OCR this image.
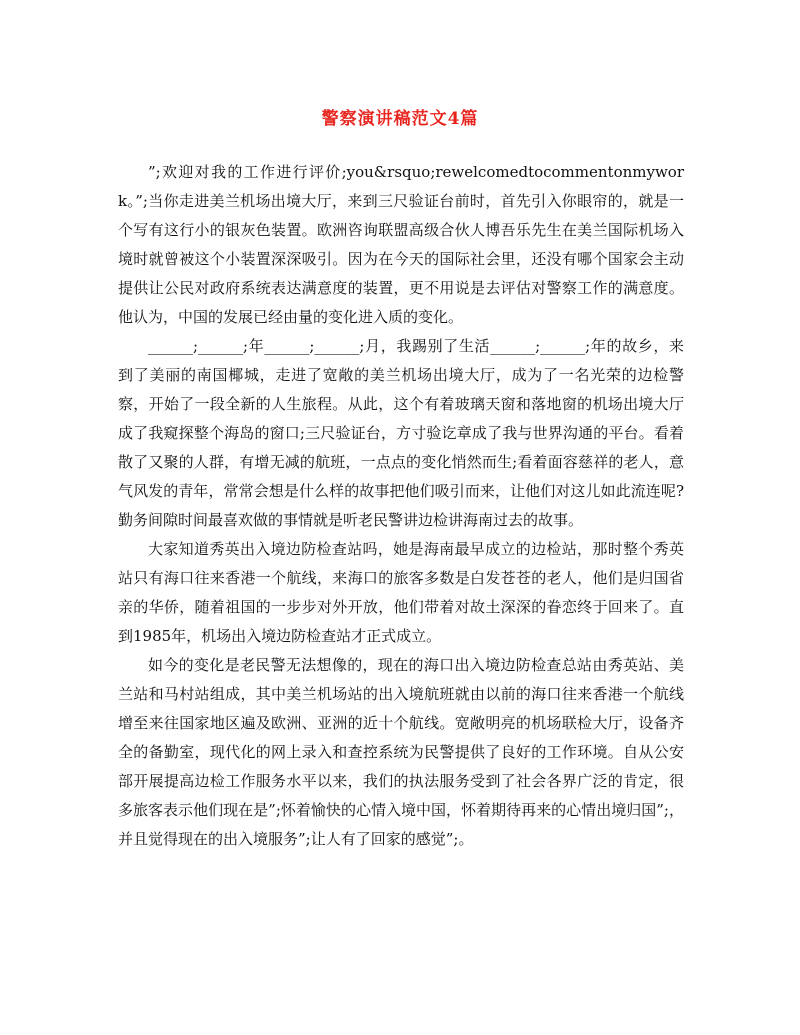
警察演讲稿范文4篇

”;欢迎对我的工作进行评价;you&rsquo;rewelcomedtocommentonmywork。”;当你走进美兰机场出境大厅，来到三尺验证台前时，首先引入你眼帘的，就是一个写有这行小的银灰色装置。欧洲咨询联盟高级合伙人博吾乐先生在美兰国际机场入境时就曾被这个小装置深深吸引。因为在今天的国际社会里，还没有哪个国家会主动提供让公民对政府系统表达满意度的装置，更不用说是去评估对警察工作的满意度。他认为，中国的发展已经由量的变化进入质的变化。

______;______;年______;______;月，我踢别了生活______;______;年的故乡，来到了美丽的南国椰城，走进了宽敞的美兰机场出境大厅，成为了一名光荣的边检警察，开始了一段全新的人生旅程。从此，这个有着玻璃天窗和落地窗的机场出境大厅成了我窥探整个海岛的窗口;三尺验证台，方寸验讫章成了我与世界沟通的平台。看着散了又聚的人群，有增无减的航班，一点点的变化悄然而生;看着面容慈祥的老人，意气风发的青年，常常会想是什么样的故事把他们吸引而来，让他们对这儿如此流连呢?勤务间隙时间最喜欢做的事情就是听老民警讲边检讲海南过去的故事。

大家知道秀英出入境边防检查站吗，她是海南最早成立的边检站，那时整个秀英站只有海口往来香港一个航线，来海口的旅客多数是白发苍苍的老人，他们是归国省亲的华侨，随着祖国的一步步对外开放，他们带着对故土深深的眷恋终于回来了。直到1985年，机场出入境边防检查站才正式成立。

如今的变化是老民警无法想像的，现在的海口出入境边防检查总站由秀英站、美兰站和马村站组成，其中美兰机场站的出入境航班就由以前的海口往来香港一个航线增至来往国家地区遍及欧洲、亚洲的近十个航线。宽敞明亮的机场联检大厅，设备齐全的备勤室，现代化的网上录入和查控系统为民警提供了良好的工作环境。自从公安部开展提高边检工作服务水平以来，我们的执法服务受到了社会各界广泛的肯定，很多旅客表示他们现在是”;怀着愉快的心情入境中国，怀着期待再来的心情出境归国”;，并且觉得现在的出入境服务”;让人有了回家的感觉”;。
